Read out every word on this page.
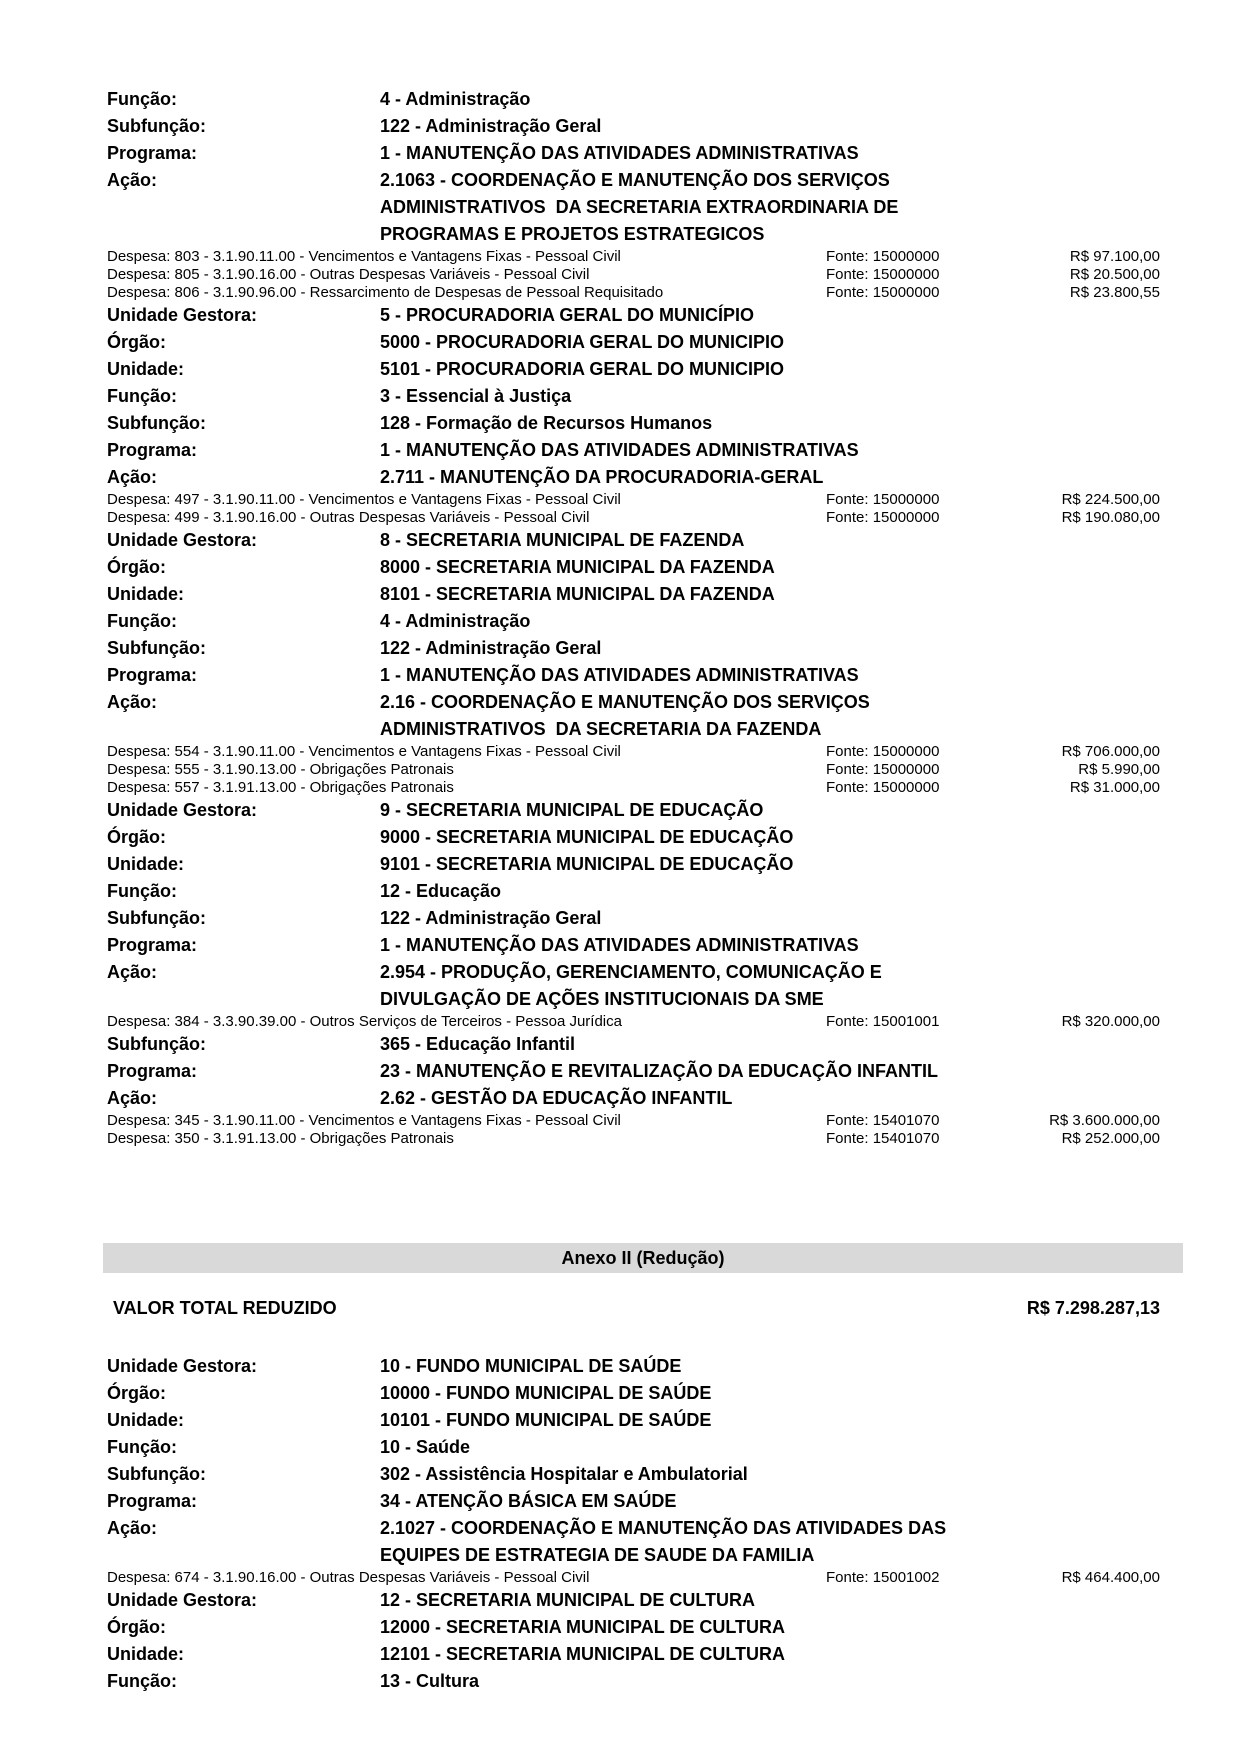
Função:	4 - Administração
Subfunção:	122 - Administração Geral
Programa:	1 - MANUTENÇÃO DAS ATIVIDADES ADMINISTRATIVAS
Ação:	2.1063 - COORDENAÇÃO E MANUTENÇÃO DOS SERVIÇOS
ADMINISTRATIVOS  DA SECRETARIA EXTRAORDINARIA DE
PROGRAMAS E PROJETOS ESTRATEGICOS
Despesa: 803 - 3.1.90.11.00 - Vencimentos e Vantagens Fixas - Pessoal Civil	Fonte: 15000000	R$ 97.100,00
Despesa: 805 - 3.1.90.16.00 - Outras Despesas Variáveis - Pessoal Civil	Fonte: 15000000	R$ 20.500,00
Despesa: 806 - 3.1.90.96.00 - Ressarcimento de Despesas de Pessoal Requisitado	Fonte: 15000000	R$ 23.800,55
Unidade Gestora:	5 - PROCURADORIA GERAL DO MUNICÍPIO
Órgão:	5000 - PROCURADORIA GERAL DO MUNICIPIO
Unidade:	5101 - PROCURADORIA GERAL DO MUNICIPIO
Função:	3 - Essencial à Justiça
Subfunção:	128 - Formação de Recursos Humanos
Programa:	1 - MANUTENÇÃO DAS ATIVIDADES ADMINISTRATIVAS
Ação:	2.711 - MANUTENÇÃO DA PROCURADORIA-GERAL
Despesa: 497 - 3.1.90.11.00 - Vencimentos e Vantagens Fixas - Pessoal Civil	Fonte: 15000000	R$ 224.500,00
Despesa: 499 - 3.1.90.16.00 - Outras Despesas Variáveis - Pessoal Civil	Fonte: 15000000	R$ 190.080,00
Unidade Gestora:	8 - SECRETARIA MUNICIPAL DE FAZENDA
Órgão:	8000 - SECRETARIA MUNICIPAL DA FAZENDA
Unidade:	8101 - SECRETARIA MUNICIPAL DA FAZENDA
Função:	4 - Administração
Subfunção:	122 - Administração Geral
Programa:	1 - MANUTENÇÃO DAS ATIVIDADES ADMINISTRATIVAS
Ação:	2.16 - COORDENAÇÃO E MANUTENÇÃO DOS SERVIÇOS
ADMINISTRATIVOS  DA SECRETARIA DA FAZENDA
Despesa: 554 - 3.1.90.11.00 - Vencimentos e Vantagens Fixas - Pessoal Civil	Fonte: 15000000	R$ 706.000,00
Despesa: 555 - 3.1.90.13.00 - Obrigações Patronais	Fonte: 15000000	R$ 5.990,00
Despesa: 557 - 3.1.91.13.00 - Obrigações Patronais	Fonte: 15000000	R$ 31.000,00
Unidade Gestora:	9 - SECRETARIA MUNICIPAL DE EDUCAÇÃO
Órgão:	9000 - SECRETARIA MUNICIPAL DE EDUCAÇÃO
Unidade:	9101 - SECRETARIA MUNICIPAL DE EDUCAÇÃO
Função:	12 - Educação
Subfunção:	122 - Administração Geral
Programa:	1 - MANUTENÇÃO DAS ATIVIDADES ADMINISTRATIVAS
Ação:	2.954 - PRODUÇÃO, GERENCIAMENTO, COMUNICAÇÃO E
DIVULGAÇÃO DE AÇÕES INSTITUCIONAIS DA SME
Despesa: 384 - 3.3.90.39.00 - Outros Serviços de Terceiros - Pessoa Jurídica	Fonte: 15001001	R$ 320.000,00
Subfunção:	365 - Educação Infantil
Programa:	23 - MANUTENÇÃO E REVITALIZAÇÃO DA EDUCAÇÃO INFANTIL
Ação:	2.62 - GESTÃO DA EDUCAÇÃO INFANTIL
Despesa: 345 - 3.1.90.11.00 - Vencimentos e Vantagens Fixas - Pessoal Civil	Fonte: 15401070	R$ 3.600.000,00
Despesa: 350 - 3.1.91.13.00 - Obrigações Patronais	Fonte: 15401070	R$ 252.000,00
Anexo II (Redução)
VALOR TOTAL REDUZIDO	R$ 7.298.287,13
Unidade Gestora:	10 - FUNDO MUNICIPAL DE SAÚDE
Órgão:	10000 - FUNDO MUNICIPAL DE SAÚDE
Unidade:	10101 - FUNDO MUNICIPAL DE SAÚDE
Função:	10 - Saúde
Subfunção:	302 - Assistência Hospitalar e Ambulatorial
Programa:	34 - ATENÇÃO BÁSICA EM SAÚDE
Ação:	2.1027 - COORDENAÇÃO E MANUTENÇÃO DAS ATIVIDADES DAS
EQUIPES DE ESTRATEGIA DE SAUDE DA FAMILIA
Despesa: 674 - 3.1.90.16.00 - Outras Despesas Variáveis - Pessoal Civil	Fonte: 15001002	R$ 464.400,00
Unidade Gestora:	12 - SECRETARIA MUNICIPAL DE CULTURA
Órgão:	12000 - SECRETARIA MUNICIPAL DE CULTURA
Unidade:	12101 - SECRETARIA MUNICIPAL DE CULTURA
Função:	13 - Cultura
